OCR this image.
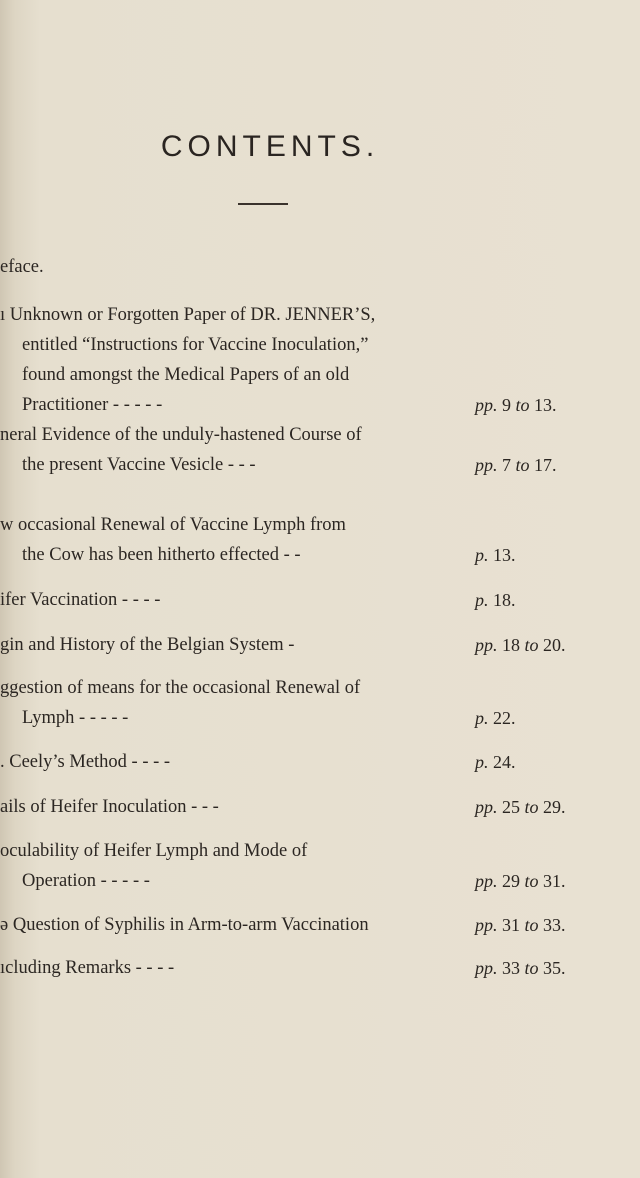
CONTENTS.
eface.
ı Unknown or Forgotten Paper of DR. JENNER’S,
entitled “Instructions for Vaccine Inoculation,”
found amongst the Medical Papers of an old
Practitioner - - - - -	pp. 9 to 13.
neral Evidence of the unduly-hastened Course of
the present Vaccine Vesicle - - -	pp. 7 to 17.
w occasional Renewal of Vaccine Lymph from
the Cow has been hitherto effected - -	p. 13.
ifer Vaccination - - - -	p. 18.
gin and History of the Belgian System -	pp. 18 to 20.
ggestion of means for the occasional Renewal of
Lymph - - - - -	p. 22.
. Ceely’s Method - - - -	p. 24.
ails of Heifer Inoculation - - -	pp. 25 to 29.
oculability of Heifer Lymph and Mode of
Operation - - - - -	pp. 29 to 31.
ə Question of Syphilis in Arm-to-arm Vaccination	pp. 31 to 33.
ıcluding Remarks - - - -	pp. 33 to 35.
